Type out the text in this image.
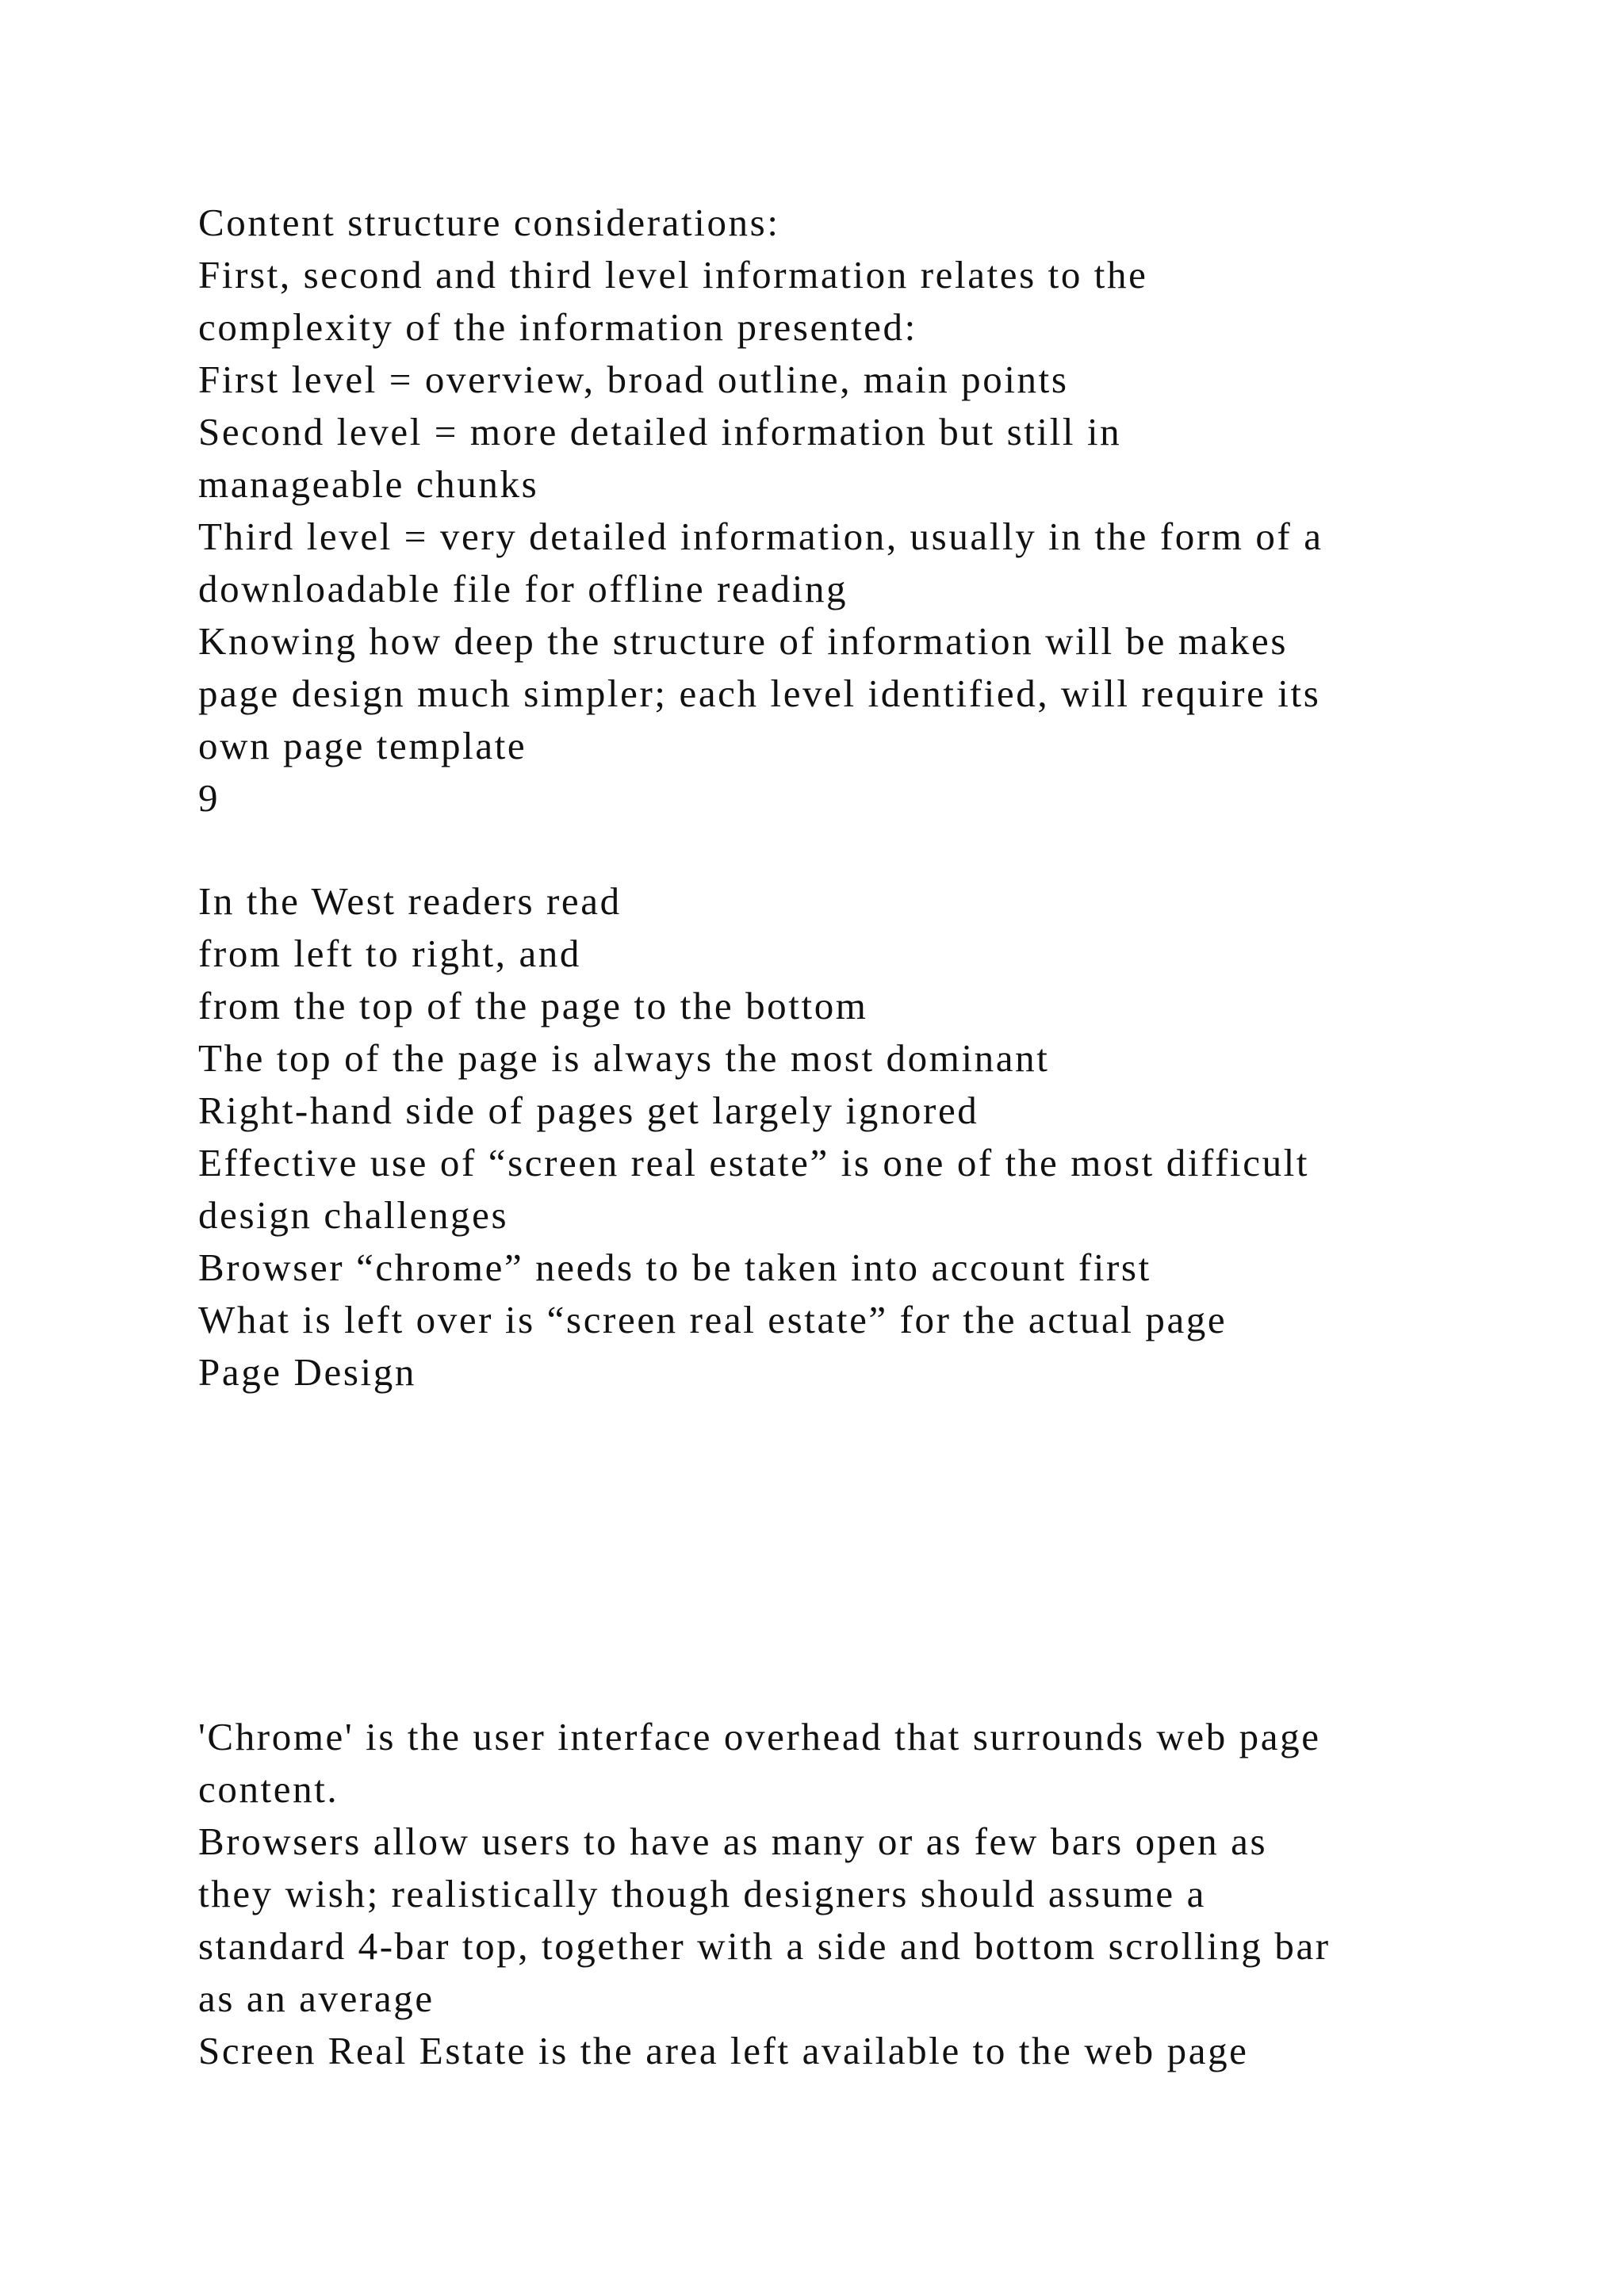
Content structure considerations:
First, second and third level information relates to the
complexity of the information presented:
First level = overview, broad outline, main points
Second level = more detailed information but still in
manageable chunks
Third level = very detailed information, usually in the form of a
downloadable file for offline reading
Knowing how deep the structure of information will be makes
page design much simpler; each level identified, will require its
own page template
9
In the West readers read
from left to right, and
from the top of the page to the bottom
The top of the page is always the most dominant
Right-hand side of pages get largely ignored
Effective use of “screen real estate” is one of the most difficult
design challenges
Browser “chrome” needs to be taken into account first
What is left over is “screen real estate” for the actual page
Page Design
'Chrome' is the user interface overhead that surrounds web page
content.
Browsers allow users to have as many or as few bars open as
they wish; realistically though designers should assume a
standard 4-bar top, together with a side and bottom scrolling bar
as an average
Screen Real Estate is the area left available to the web page
